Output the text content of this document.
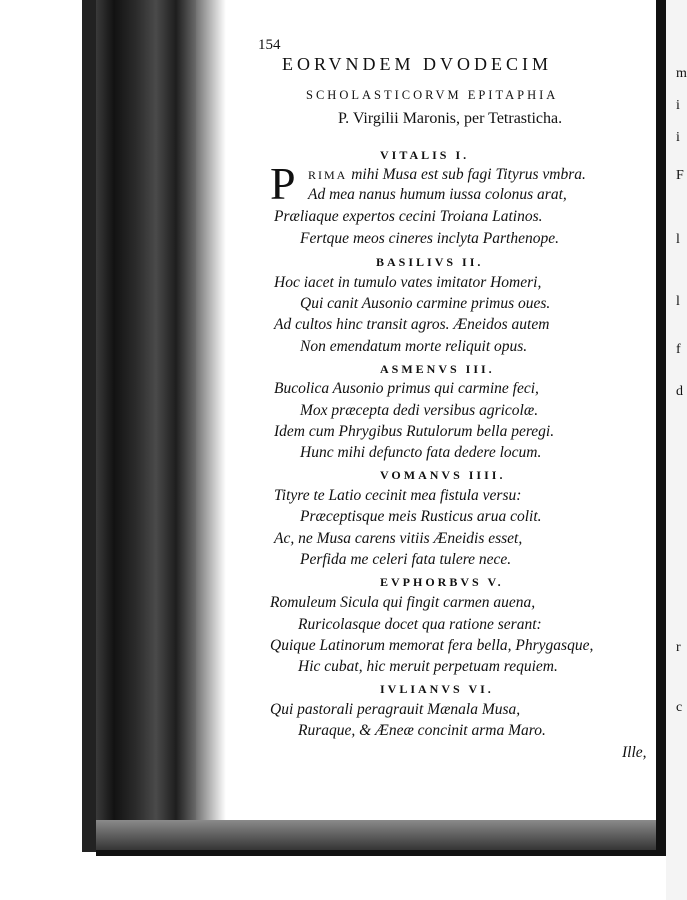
m
i
i
F
l
l
f
d
r
c
154
EORVNDEM DVODECIM
SCHOLASTICORVM EPITAPHIA
P. Virgilii Maronis, per Tetrasticha.
VITALIS I.
P RIMA mihi Musa est sub fagi Tityrus vmbra.
Ad mea nanus humum iussa colonus arat,
Præliaque expertos cecini Troiana Latinos.
Fertque meos cineres inclyta Parthenope.
BASILIVS II.
Hoc iacet in tumulo vates imitator Homeri,
Qui canit Ausonio carmine primus oues.
Ad cultos hinc transit agros. Æneidos autem
Non emendatum morte reliquit opus.
ASMENVS III.
Bucolica Ausonio primus qui carmine feci,
Mox præcepta dedi versibus agricolæ.
Idem cum Phrygibus Rutulorum bella peregi.
Hunc mihi defuncto fata dedere locum.
VOMANVS IIII.
Tityre te Latio cecinit mea fistula versu:
Præceptisque meis Rusticus arua colit.
Ac, ne Musa carens vitiis Æneidis esset,
Perfida me celeri fata tulere nece.
EVPHORBVS V.
Romuleum Sicula qui fingit carmen auena,
Ruricolasque docet qua ratione serant:
Quique Latinorum memorat fera bella, Phrygasque,
Hic cubat, hic meruit perpetuam requiem.
IVLIANVS VI.
Qui pastorali peragrauit Mænala Musa,
Ruraque, & Æneæ concinit arma Maro.
Ille,
